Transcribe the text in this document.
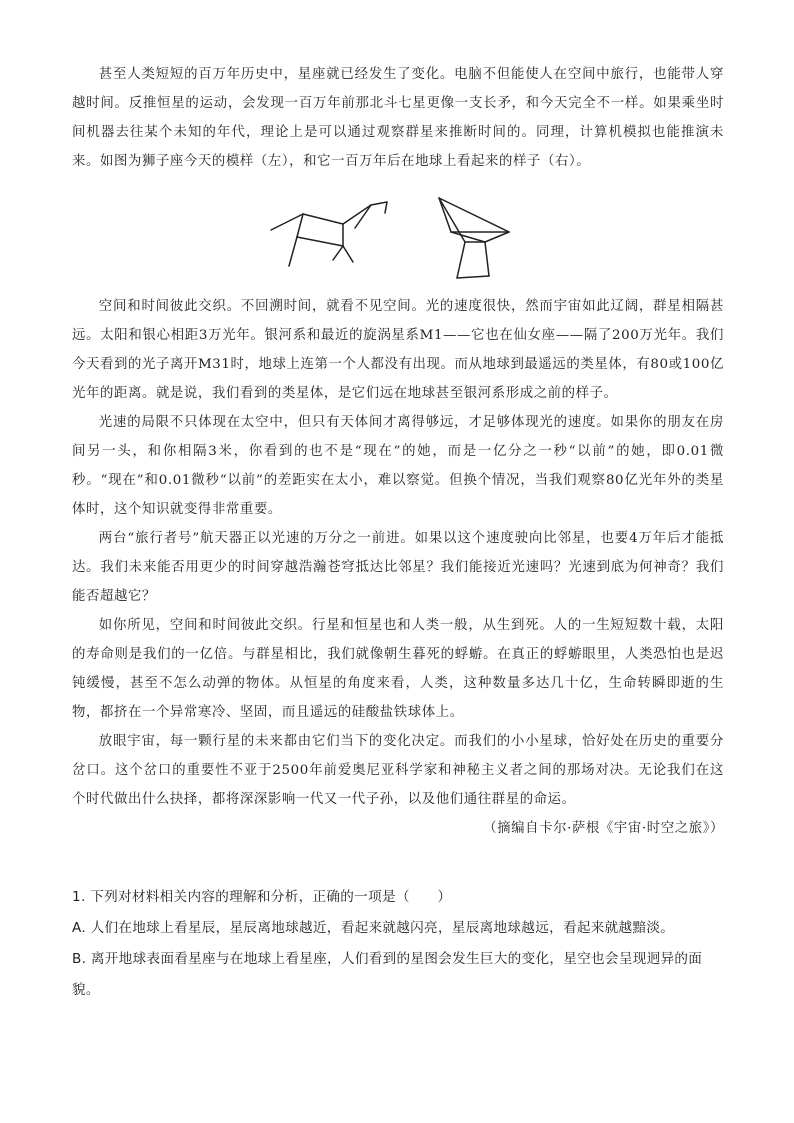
甚至人类短短的百万年历史中，星座就已经发生了变化。电脑不但能使人在空间中旅行，也能带人穿越时间。反推恒星的运动，会发现一百万年前那北斗七星更像一支长矛，和今天完全不一样。如果乘坐时间机器去往某个未知的年代，理论上是可以通过观察群星来推断时间的。同理，计算机模拟也能推演未来。如图为狮子座今天的模样（左），和它一百万年后在地球上看起来的样子（右）。

空间和时间彼此交织。不回溯时间，就看不见空间。光的速度很快，然而宇宙如此辽阔，群星相隔甚远。太阳和银心相距3万光年。银河系和最近的旋涡星系M1——它也在仙女座——隔了200万光年。我们今天看到的光子离开M31时，地球上连第一个人都没有出现。而从地球到最遥远的类星体，有80或100亿光年的距离。就是说，我们看到的类星体，是它们远在地球甚至银河系形成之前的样子。

光速的局限不只体现在太空中，但只有天体间才离得够远，才足够体现光的速度。如果你的朋友在房间另一头，和你相隔3米，你看到的也不是“现在”的她，而是一亿分之一秒“以前”的她，即0.01微秒。“现在”和0.01微秒“以前”的差距实在太小，难以察觉。但换个情况，当我们观察80亿光年外的类星体时，这个知识就变得非常重要。

两台“旅行者号”航天器正以光速的万分之一前进。如果以这个速度驶向比邻星，也要4万年后才能抵达。我们未来能否用更少的时间穿越浩瀚苍穹抵达比邻星？我们能接近光速吗？光速到底为何神奇？我们能否超越它？

如你所见，空间和时间彼此交织。行星和恒星也和人类一般，从生到死。人的一生短短数十载，太阳的寿命则是我们的一亿倍。与群星相比，我们就像朝生暮死的蜉蝣。在真正的蜉蝣眼里，人类恐怕也是迟钝缓慢，甚至不怎么动弹的物体。从恒星的角度来看，人类，这种数量多达几十亿，生命转瞬即逝的生物，都挤在一个异常寒冷、坚固，而且遥远的硅酸盐铁球体上。

放眼宇宙，每一颗行星的未来都由它们当下的变化决定。而我们的小小星球，恰好处在历史的重要分岔口。这个岔口的重要性不亚于2500年前爱奥尼亚科学家和神秘主义者之间的那场对决。无论我们在这个时代做出什么抉择，都将深深影响一代又一代子孙，以及他们通往群星的命运。

（摘编自卡尔·萨根《宇宙·时空之旅》）

1. 下列对材料相关内容的理解和分析，正确的一项是（　　）

A. 人们在地球上看星辰，星辰离地球越近，看起来就越闪亮，星辰离地球越远，看起来就越黯淡。

B. 离开地球表面看星座与在地球上看星座，人们看到的星图会发生巨大的变化，星空也会呈现迥异的面貌。
